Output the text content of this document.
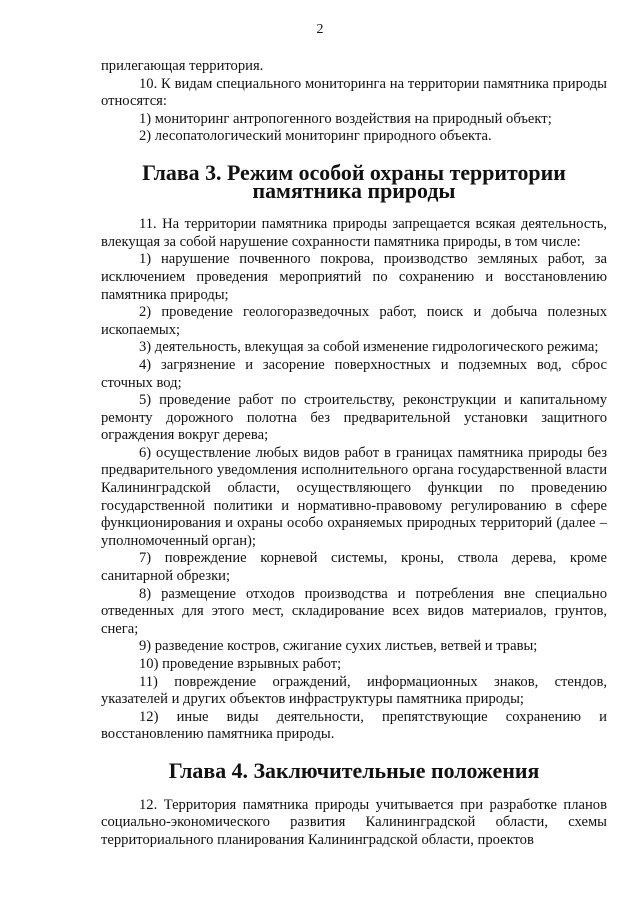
2

прилегающая территория.

10. К видам специального мониторинга на территории памятника природы относятся:

1) мониторинг антропогенного воздействия на природный объект;

2) лесопатологический мониторинг природного объекта.

Глава 3. Режим особой охраны территории памятника природы

11. На территории памятника природы запрещается всякая деятельность, влекущая за собой нарушение сохранности памятника природы, в том числе:

1) нарушение почвенного покрова, производство земляных работ, за исключением проведения мероприятий по сохранению и восстановлению памятника природы;

2) проведение геологоразведочных работ, поиск и добыча полезных ископаемых;

3) деятельность, влекущая за собой изменение гидрологического режима;

4) загрязнение и засорение поверхностных и подземных вод, сброс сточных вод;

5) проведение работ по строительству, реконструкции и капитальному ремонту дорожного полотна без предварительной установки защитного ограждения вокруг дерева;

6) осуществление любых видов работ в границах памятника природы без предварительного уведомления исполнительного органа государственной власти Калининградской области, осуществляющего функции по проведению государственной политики и нормативно-правовому регулированию в сфере функционирования и охраны особо охраняемых природных территорий (далее – уполномоченный орган);

7) повреждение корневой системы, кроны, ствола дерева, кроме санитарной обрезки;

8) размещение отходов производства и потребления вне специально отведенных для этого мест, складирование всех видов материалов, грунтов, снега;

9) разведение костров, сжигание сухих листьев, ветвей и травы;

10) проведение взрывных работ;

11) повреждение ограждений, информационных знаков, стендов, указателей и других объектов инфраструктуры памятника природы;

12) иные виды деятельности, препятствующие сохранению и восстановлению памятника природы.

Глава 4. Заключительные положения

12. Территория памятника природы учитывается при разработке планов социально-экономического развития Калининградской области, схемы территориального планирования Калининградской области, проектов
